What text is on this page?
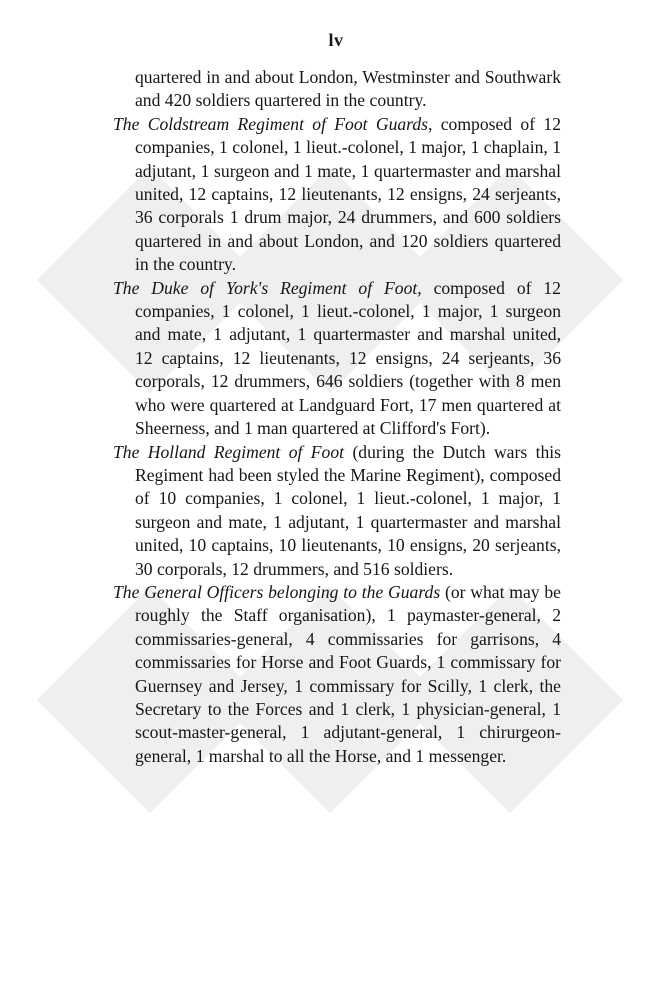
lv

quartered in and about London, Westminster and Southwark and 420 soldiers quartered in the country.

The Coldstream Regiment of Foot Guards, composed of 12 companies, 1 colonel, 1 lieut.-colonel, 1 major, 1 chaplain, 1 adjutant, 1 surgeon and 1 mate, 1 quartermaster and marshal united, 12 captains, 12 lieutenants, 12 ensigns, 24 serjeants, 36 corporals 1 drum major, 24 drummers, and 600 soldiers quartered in and about London, and 120 soldiers quartered in the country.

The Duke of York's Regiment of Foot, composed of 12 companies, 1 colonel, 1 lieut.-colonel, 1 major, 1 surgeon and mate, 1 adjutant, 1 quartermaster and marshal united, 12 captains, 12 lieutenants, 12 ensigns, 24 serjeants, 36 corporals, 12 drummers, 646 soldiers (together with 8 men who were quartered at Landguard Fort, 17 men quartered at Sheerness, and 1 man quartered at Clifford's Fort).

The Holland Regiment of Foot (during the Dutch wars this Regiment had been styled the Marine Regiment), composed of 10 companies, 1 colonel, 1 lieut.-colonel, 1 major, 1 surgeon and mate, 1 adjutant, 1 quartermaster and marshal united, 10 captains, 10 lieutenants, 10 ensigns, 20 serjeants, 30 corporals, 12 drummers, and 516 soldiers.

The General Officers belonging to the Guards (or what may be roughly the Staff organisation), 1 paymaster-general, 2 commissaries-general, 4 commissaries for garrisons, 4 commissaries for Horse and Foot Guards, 1 commissary for Guernsey and Jersey, 1 commissary for Scilly, 1 clerk, the Secretary to the Forces and 1 clerk, 1 physician-general, 1 scout-master-general, 1 adjutant-general, 1 chirurgeon-general, 1 marshal to all the Horse, and 1 messenger.
